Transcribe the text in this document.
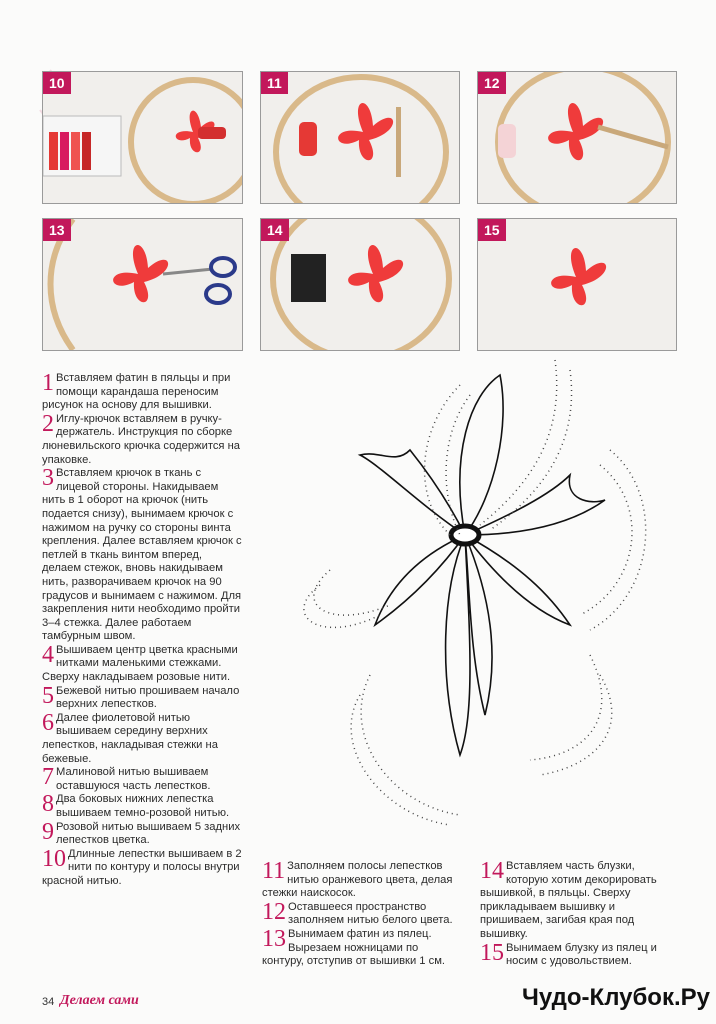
10	11	12
13	14	15
1 Вставляем фатин в пяльцы и при помощи карандаша переносим рисунок на основу для вышивки.
2 Иглу-крючок вставляем в ручку-держатель. Инструкция по сборке люневильского крючка содержится на упаковке.
3 Вставляем крючок в ткань с лицевой стороны. Накидываем нить в 1 оборот на крючок (нить подается снизу), вынимаем крючок с нажимом на ручку со стороны винта крепления. Далее вставляем крючок с петлей в ткань винтом вперед, делаем стежок, вновь накидываем нить, разворачиваем крючок на 90 градусов и вынимаем с нажимом. Для закрепления нити необходимо пройти 3–4 стежка. Далее работаем тамбурным швом.
4 Вышиваем центр цветка красными нитками маленькими стежками. Сверху накладываем розовые нити.
5 Бежевой нитью прошиваем начало верхних лепестков.
6 Далее фиолетовой нитью вышиваем середину верхних лепестков, накладывая стежки на бежевые.
7 Малиновой нитью вышиваем оставшуюся часть лепестков.
8 Два боковых нижних лепестка вышиваем темно-розовой нитью.
9 Розовой нитью вышиваем 5 задних лепестков цветка.
10 Длинные лепестки вышиваем в 2 нити по контуру и полосы внутри красной нитью.	11 Заполняем полосы лепестков нитью оранжевого цвета, делая стежки наискосок.
12 Оставшееся пространство заполняем нитью белого цвета.
13 Вынимаем фатин из пялец. Вырезаем ножницами по контуру, отступив от вышивки 1 см.
14 Вставляем часть блузки, которую хотим декорировать вышивкой, в пяльцы. Сверху прикладываем вышивку и пришиваем, загибая края под вышивку.
15 Вынимаем блузку из пялец и носим с удовольствием.
34 Делаем сами	Чудо-Клубок.Ру
